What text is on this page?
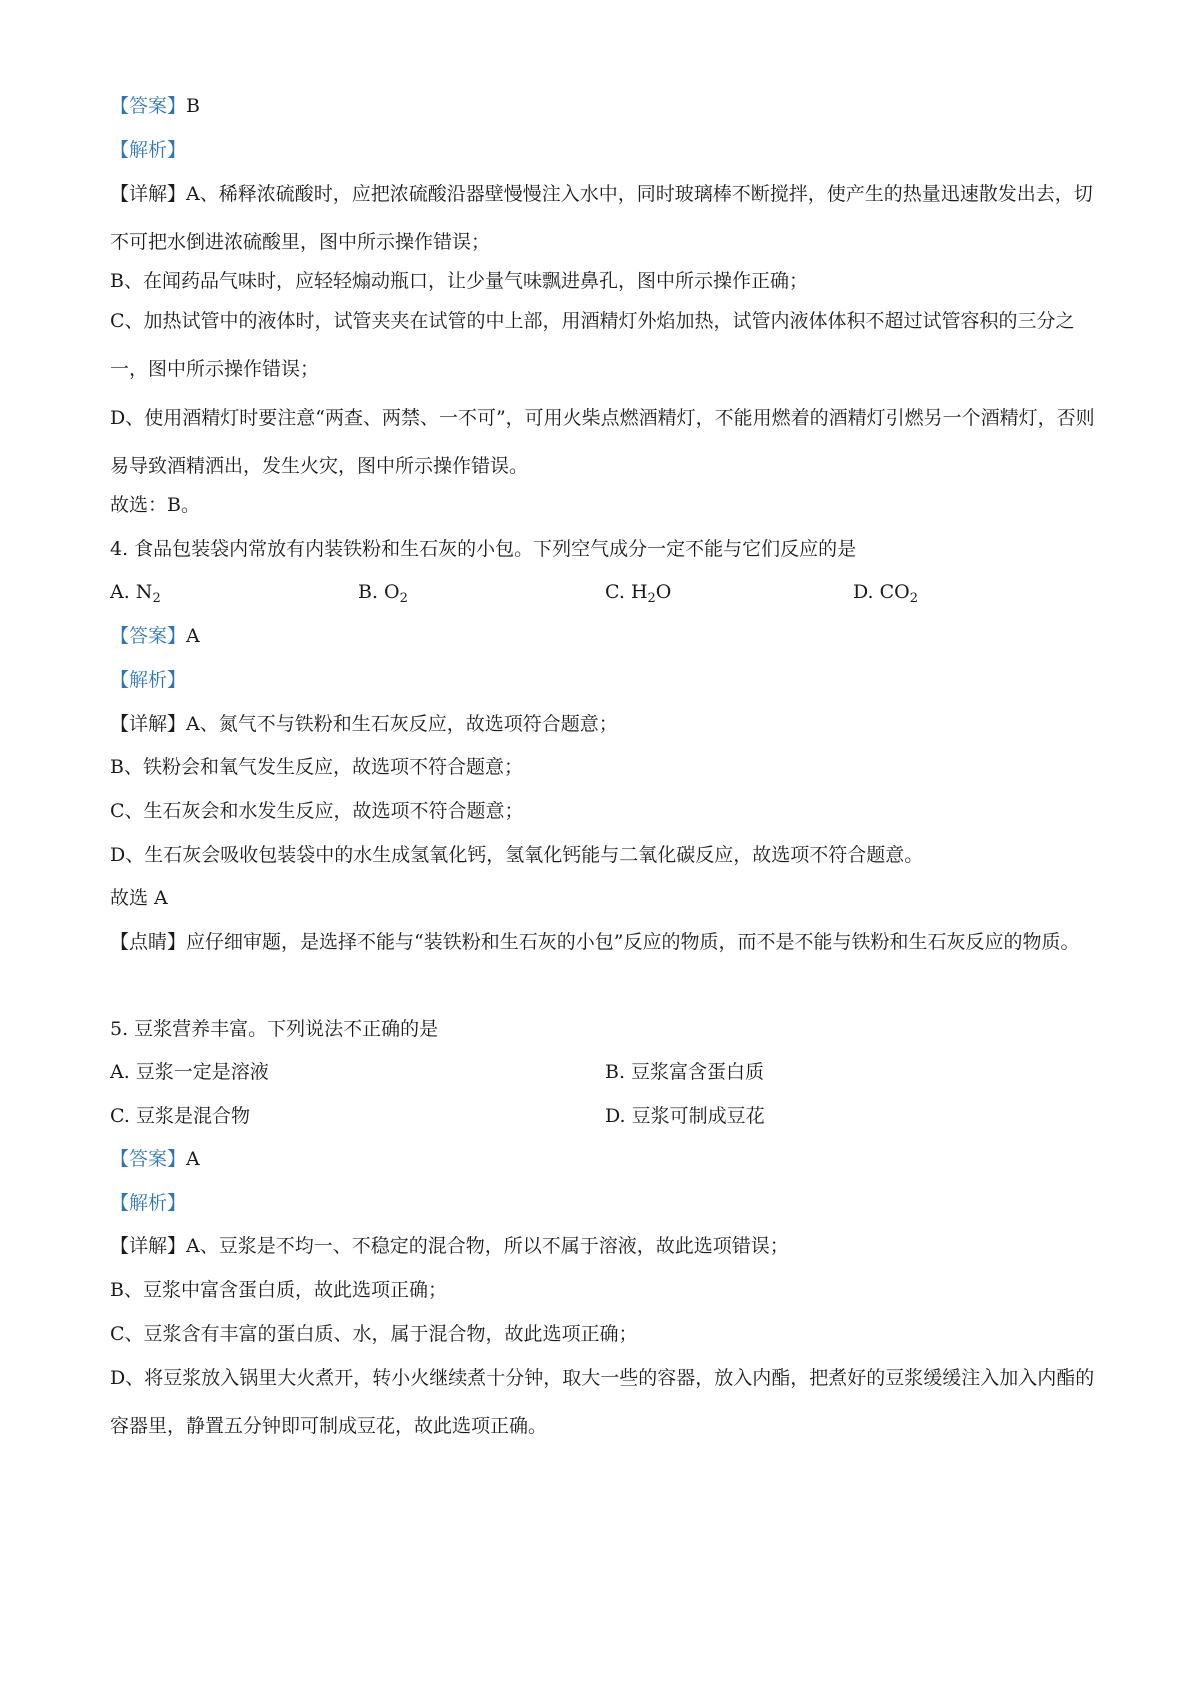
【答案】B
【解析】
【详解】A、稀释浓硫酸时，应把浓硫酸沿器壁慢慢注入水中，同时玻璃棒不断搅拌，使产生的热量迅速散发出去，切不可把水倒进浓硫酸里，图中所示操作错误；
B、在闻药品气味时，应轻轻煽动瓶口，让少量气味飘进鼻孔，图中所示操作正确；
C、加热试管中的液体时，试管夹夹在试管的中上部，用酒精灯外焰加热，试管内液体体积不超过试管容积的三分之一，图中所示操作错误；
D、使用酒精灯时要注意“两查、两禁、一不可”，可用火柴点燃酒精灯，不能用燃着的酒精灯引燃另一个酒精灯，否则易导致酒精洒出，发生火灾，图中所示操作错误。
故选：B。
4. 食品包装袋内常放有内装铁粉和生石灰的小包。下列空气成分一定不能与它们反应的是
A. $N_2$	B. $O_2$	C. $H_2O$	D. $CO_2$
【答案】A
【解析】
【详解】A、氮气不与铁粉和生石灰反应，故选项符合题意；
B、铁粉会和氧气发生反应，故选项不符合题意；
C、生石灰会和水发生反应，故选项不符合题意；
D、生石灰会吸收包装袋中的水生成氢氧化钙，氢氧化钙能与二氧化碳反应，故选项不符合题意。
故选 A
【点睛】应仔细审题，是选择不能与“装铁粉和生石灰的小包”反应的物质，而不是不能与铁粉和生石灰反应的物质。
5. 豆浆营养丰富。下列说法不正确的是
A. 豆浆一定是溶液	B. 豆浆富含蛋白质
C. 豆浆是混合物	D. 豆浆可制成豆花
【答案】A
【解析】
【详解】A、豆浆是不均一、不稳定的混合物，所以不属于溶液，故此选项错误；
B、豆浆中富含蛋白质，故此选项正确；
C、豆浆含有丰富的蛋白质、水，属于混合物，故此选项正确；
D、将豆浆放入锅里大火煮开，转小火继续煮十分钟，取大一些的容器，放入内酯，把煮好的豆浆缓缓注入加入内酯的容器里，静置五分钟即可制成豆花，故此选项正确。
